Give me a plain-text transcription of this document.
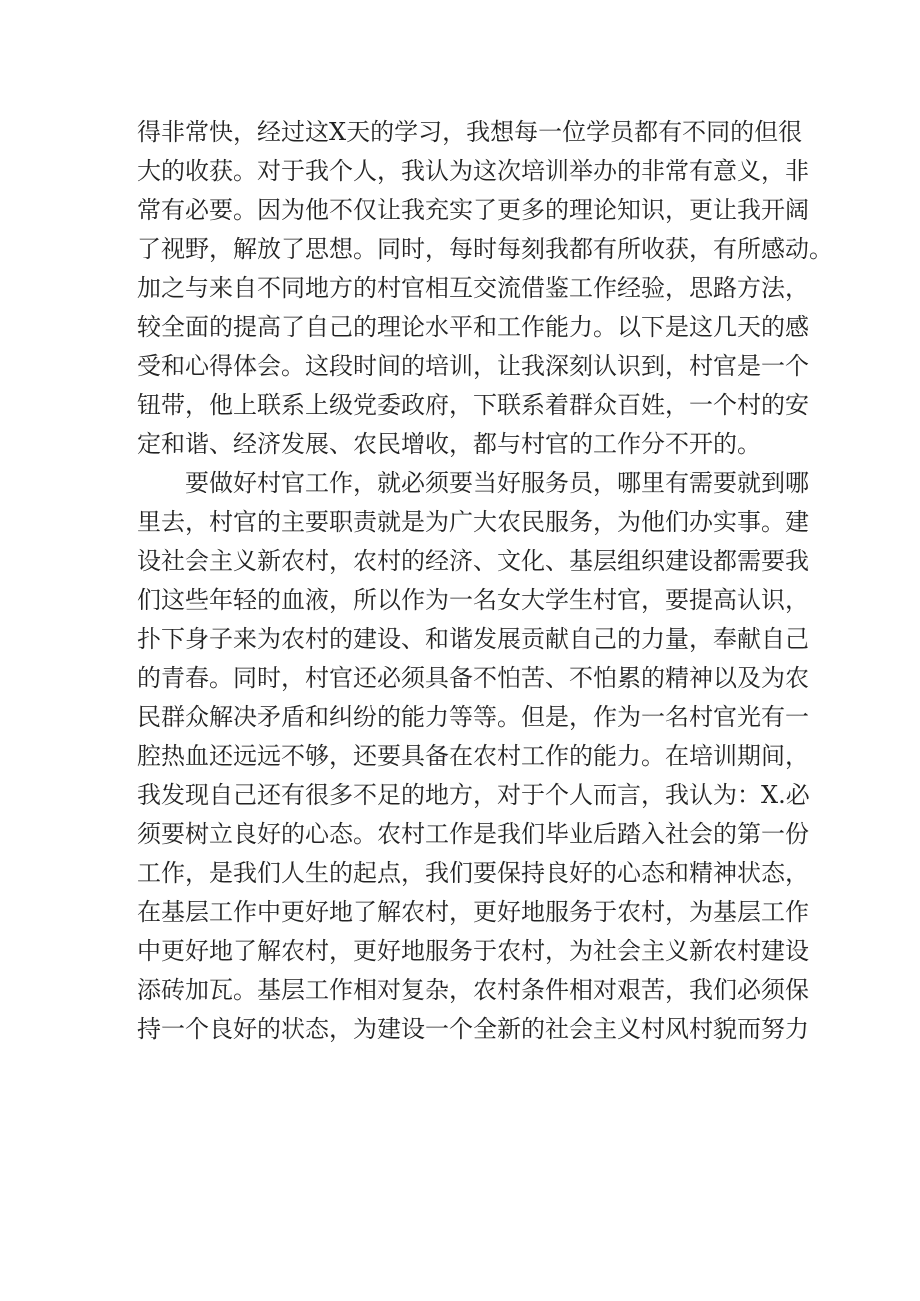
得非常快，经过这X天的学习，我想每一位学员都有不同的但很
大的收获。对于我个人，我认为这次培训举办的非常有意义，非
常有必要。因为他不仅让我充实了更多的理论知识，更让我开阔
了视野，解放了思想。同时，每时每刻我都有所收获，有所感动。
加之与来自不同地方的村官相互交流借鉴工作经验，思路方法，
较全面的提高了自己的理论水平和工作能力。以下是这几天的感
受和心得体会。这段时间的培训，让我深刻认识到，村官是一个
钮带，他上联系上级党委政府，下联系着群众百姓，一个村的安
定和谐、经济发展、农民增收，都与村官的工作分不开的。
要做好村官工作，就必须要当好服务员，哪里有需要就到哪
里去，村官的主要职责就是为广大农民服务，为他们办实事。建
设社会主义新农村，农村的经济、文化、基层组织建设都需要我
们这些年轻的血液，所以作为一名女大学生村官，要提高认识，
扑下身子来为农村的建设、和谐发展贡献自己的力量，奉献自己
的青春。同时，村官还必须具备不怕苦、不怕累的精神以及为农
民群众解决矛盾和纠纷的能力等等。但是，作为一名村官光有一
腔热血还远远不够，还要具备在农村工作的能力。在培训期间，
我发现自己还有很多不足的地方，对于个人而言，我认为：X.必
须要树立良好的心态。农村工作是我们毕业后踏入社会的第一份
工作，是我们人生的起点，我们要保持良好的心态和精神状态，
在基层工作中更好地了解农村，更好地服务于农村，为基层工作
中更好地了解农村，更好地服务于农村，为社会主义新农村建设
添砖加瓦。基层工作相对复杂，农村条件相对艰苦，我们必须保
持一个良好的状态，为建设一个全新的社会主义村风村貌而努力
